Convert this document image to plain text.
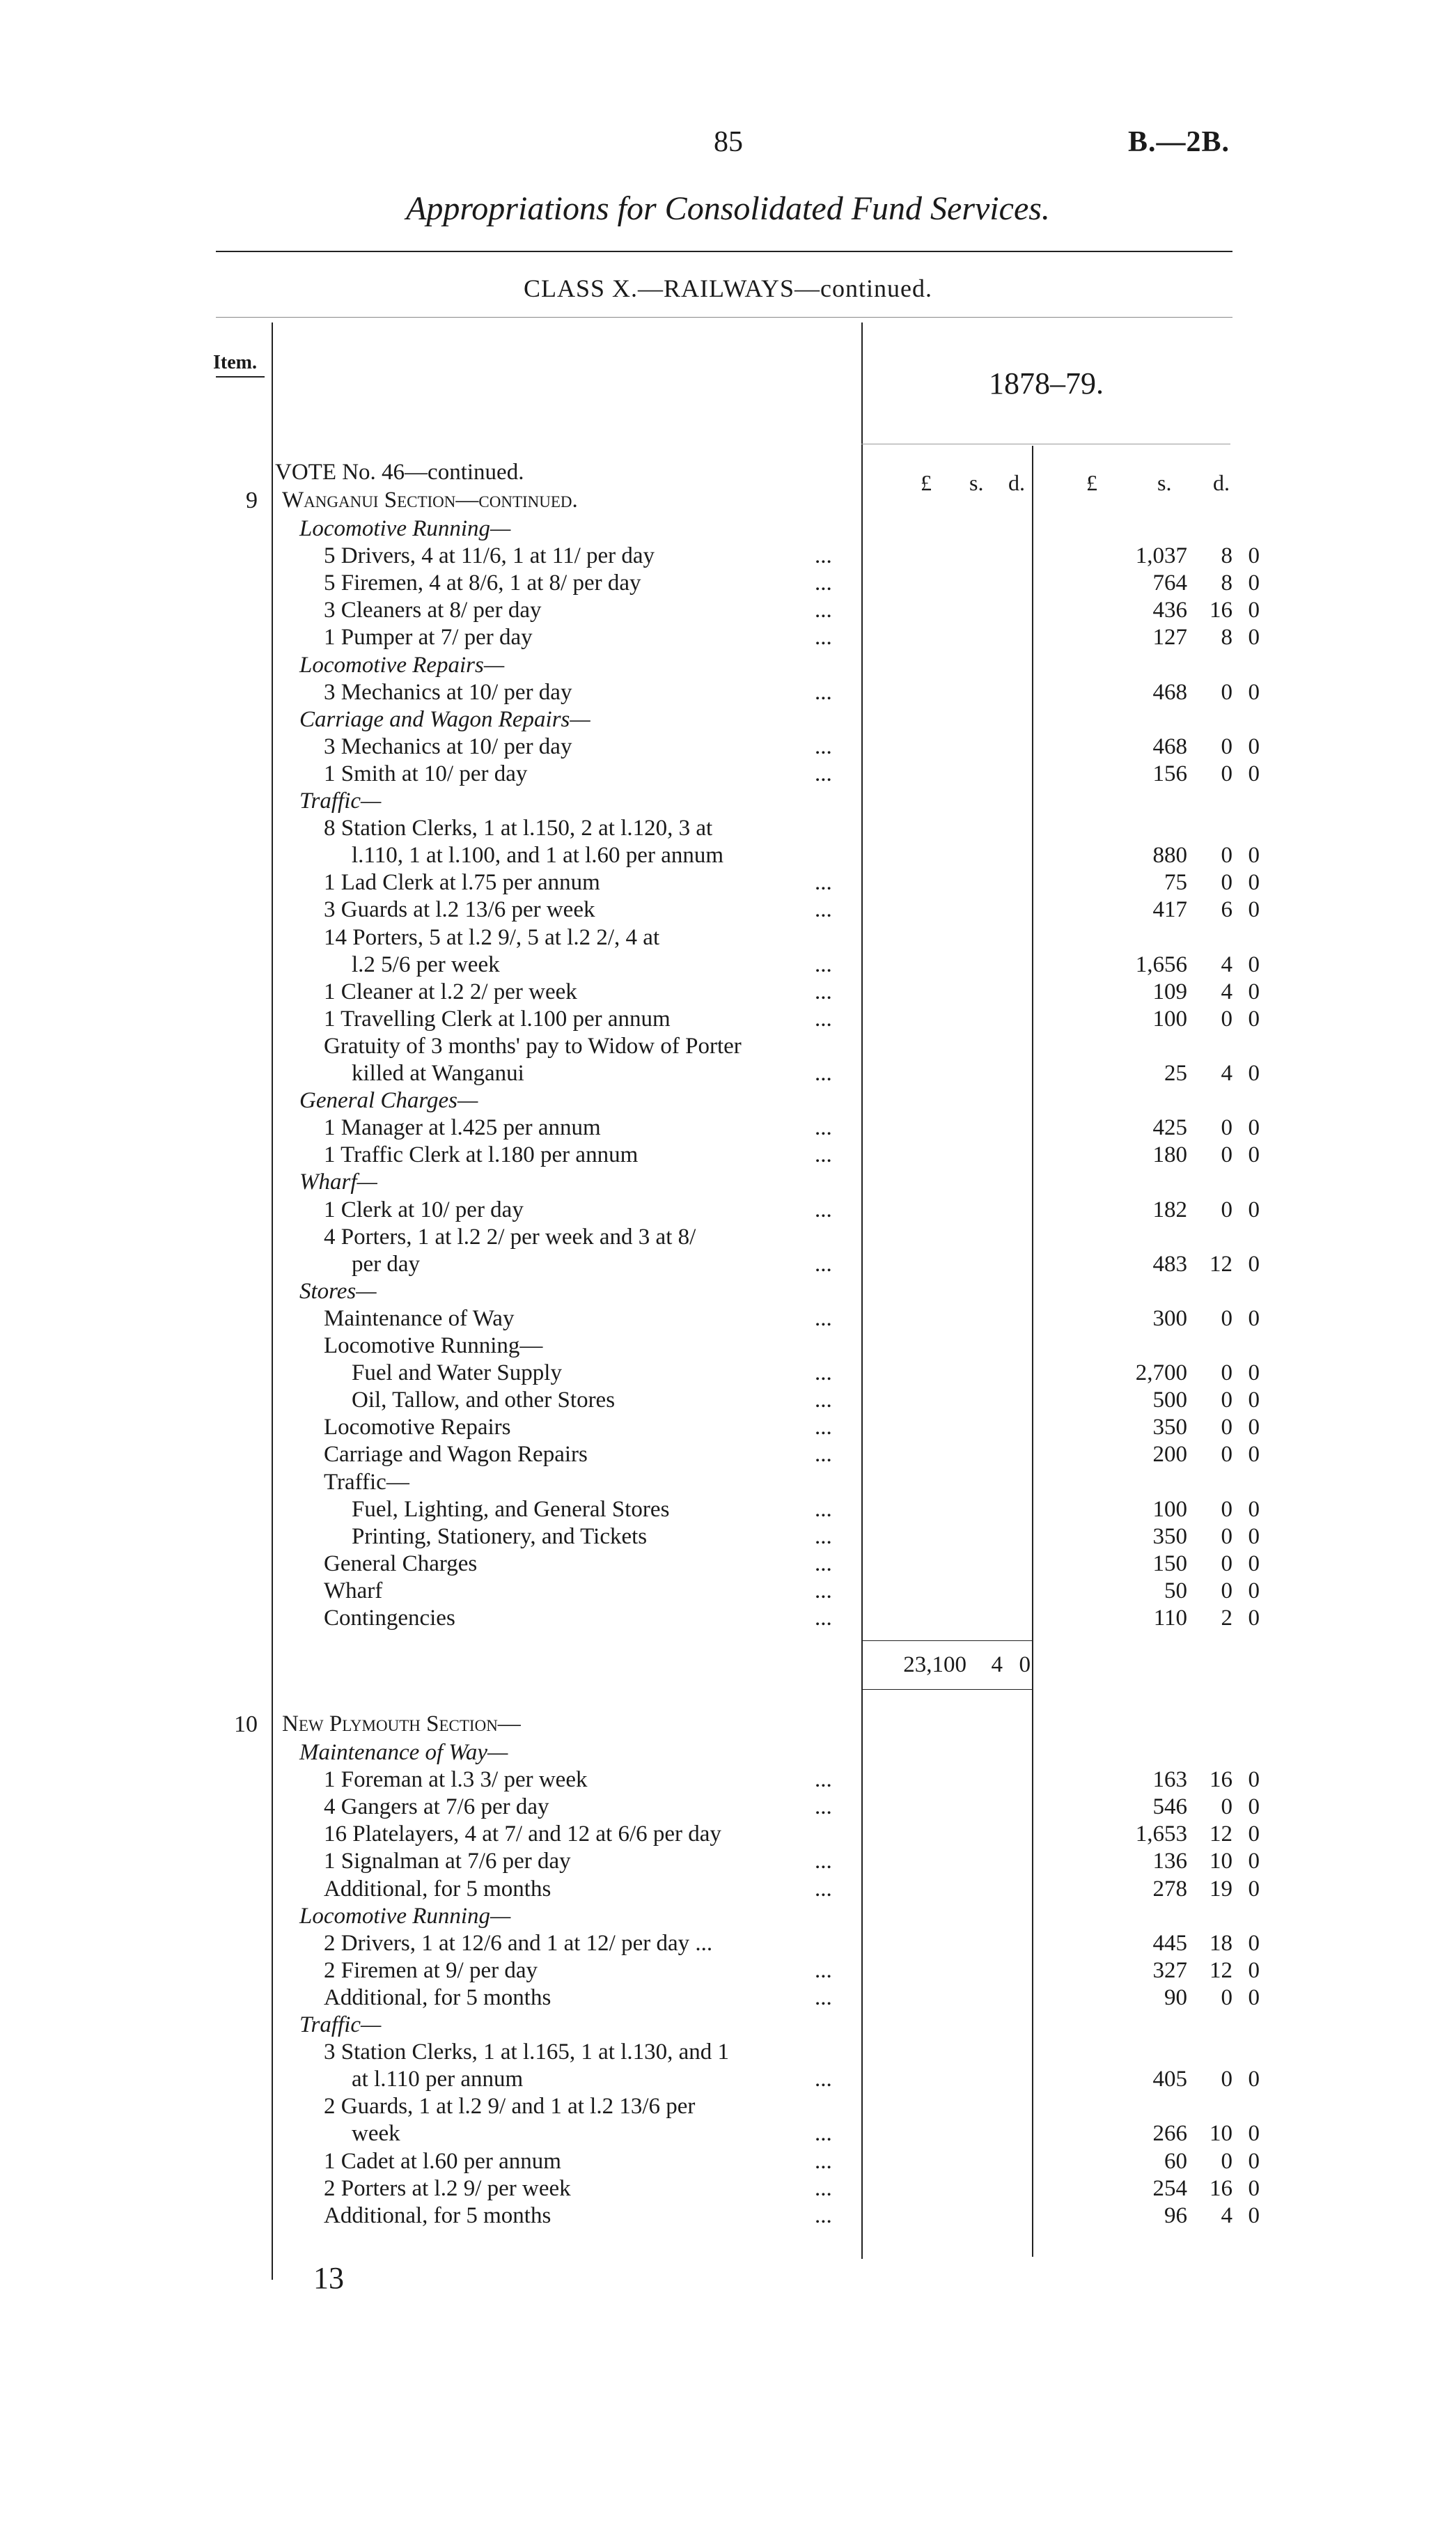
85	B.—2B.
Appropriations for Consolidated Fund Services.
CLASS X.—RAILWAYS—continued.
Item.
1878–79.
£ s. d.	£	s. d.
VOTE No. 46—continued.
9 Wanganui Section—continued.
Locomotive Running—
5 Drivers, 4 at 11/6, 1 at 11/ per day	...	1,037	8 0
5 Firemen, 4 at 8/6, 1 at 8/ per day	...	764	8 0
3 Cleaners at 8/ per day	...	436 16 0
1 Pumper at 7/ per day	...	127	8 0
Locomotive Repairs—
3 Mechanics at 10/ per day	...	468	0 0
Carriage and Wagon Repairs—
3 Mechanics at 10/ per day	...	468	0 0
1 Smith at 10/ per day	...	156	0 0
Traffic—
8 Station Clerks, 1 at l.150, 2 at l.120, 3 at
l.110, 1 at l.100, and 1 at l.60 per annum	880	0 0
1 Lad Clerk at l.75 per annum	...	75	0 0
3 Guards at l.2 13/6 per week	...	417	6 0
14 Porters, 5 at l.2 9/, 5 at l.2 2/, 4 at
l.2 5/6 per week	...	1,656	4 0
1 Cleaner at l.2 2/ per week	...	109	4 0
1 Travelling Clerk at l.100 per annum	...	100	0 0
Gratuity of 3 months' pay to Widow of Porter
killed at Wanganui	...	25	4 0
General Charges—
1 Manager at l.425 per annum	...	425	0 0
1 Traffic Clerk at l.180 per annum	...	180	0 0
Wharf—
1 Clerk at 10/ per day	...	182	0 0
4 Porters, 1 at l.2 2/ per week and 3 at 8/
per day	...	483 12 0
Stores—
Maintenance of Way	...	300	0 0
Locomotive Running—
Fuel and Water Supply	...	2,700	0 0
Oil, Tallow, and other Stores	...	500	0 0
Locomotive Repairs	...	350	0 0
Carriage and Wagon Repairs	...	200	0 0
Traffic—
Fuel, Lighting, and General Stores	...	100	0 0
Printing, Stationery, and Tickets	...	350	0 0
General Charges	...	150	0 0
Wharf	...	50	0 0
Contingencies	...	110	2 0
23,100	4 0
10 New Plymouth Section—
Maintenance of Way—
1 Foreman at l.3 3/ per week	...	163 16 0
4 Gangers at 7/6 per day	...	546	0 0
16 Platelayers, 4 at 7/ and 12 at 6/6 per day	1,653 12 0
1 Signalman at 7/6 per day	...	136 10 0
Additional, for 5 months	...	278 19 0
Locomotive Running—
2 Drivers, 1 at 12/6 and 1 at 12/ per day ...	445 18 0
2 Firemen at 9/ per day	...	327 12 0
Additional, for 5 months	...	90	0 0
Traffic—
3 Station Clerks, 1 at l.165, 1 at l.130, and 1
at l.110 per annum	...	405	0 0
2 Guards, 1 at l.2 9/ and 1 at l.2 13/6 per
week	...	266 10 0
1 Cadet at l.60 per annum	...	60	0 0
2 Porters at l.2 9/ per week	...	254 16 0
Additional, for 5 months	...	96	4 0
13
